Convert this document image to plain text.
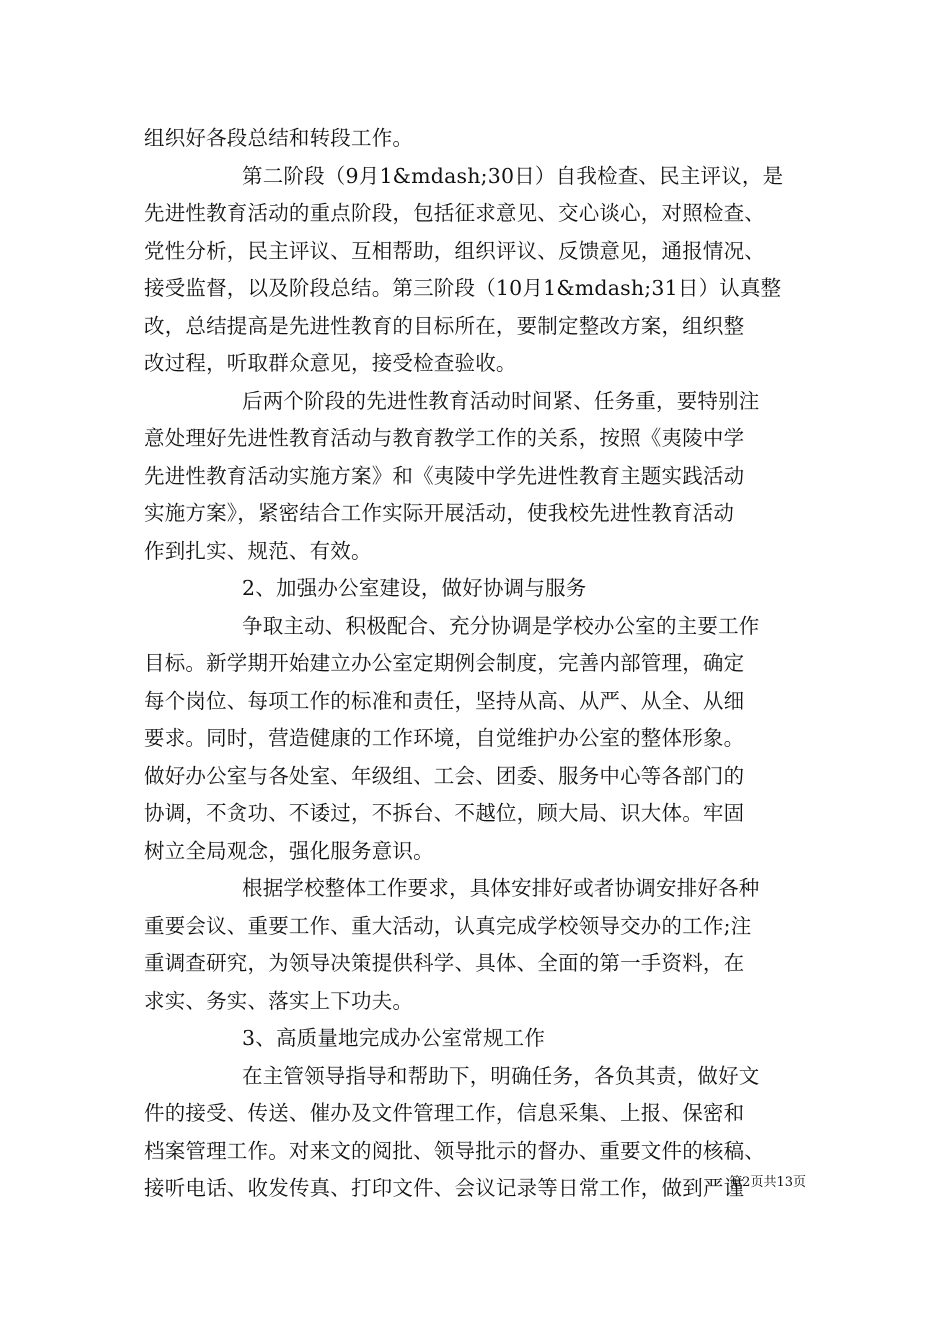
组织好各段总结和转段工作。
第二阶段（9月1&mdash;30日）自我检查、民主评议，是
先进性教育活动的重点阶段，包括征求意见、交心谈心，对照检查、
党性分析，民主评议、互相帮助，组织评议、反馈意见，通报情况、
接受监督，以及阶段总结。第三阶段（10月1&mdash;31日）认真整
改，总结提高是先进性教育的目标所在，要制定整改方案，组织整
改过程，听取群众意见，接受检查验收。
后两个阶段的先进性教育活动时间紧、任务重，要特别注
意处理好先进性教育活动与教育教学工作的关系，按照《夷陵中学
先进性教育活动实施方案》和《夷陵中学先进性教育主题实践活动
实施方案》，紧密结合工作实际开展活动，使我校先进性教育活动
作到扎实、规范、有效。
2、加强办公室建设，做好协调与服务
争取主动、积极配合、充分协调是学校办公室的主要工作
目标。新学期开始建立办公室定期例会制度，完善内部管理，确定
每个岗位、每项工作的标准和责任，坚持从高、从严、从全、从细
要求。同时，营造健康的工作环境，自觉维护办公室的整体形象。
做好办公室与各处室、年级组、工会、团委、服务中心等各部门的
协调，不贪功、不诿过，不拆台、不越位，顾大局、识大体。牢固
树立全局观念，强化服务意识。
根据学校整体工作要求，具体安排好或者协调安排好各种
重要会议、重要工作、重大活动，认真完成学校领导交办的工作;注
重调查研究，为领导决策提供科学、具体、全面的第一手资料，在
求实、务实、落实上下功夫。
3、高质量地完成办公室常规工作
在主管领导指导和帮助下，明确任务，各负其责，做好文
件的接受、传送、催办及文件管理工作，信息采集、上报、保密和
档案管理工作。对来文的阅批、领导批示的督办、重要文件的核稿、
接听电话、收发传真、打印文件、会议记录等日常工作，做到严谨
第2页共13页
